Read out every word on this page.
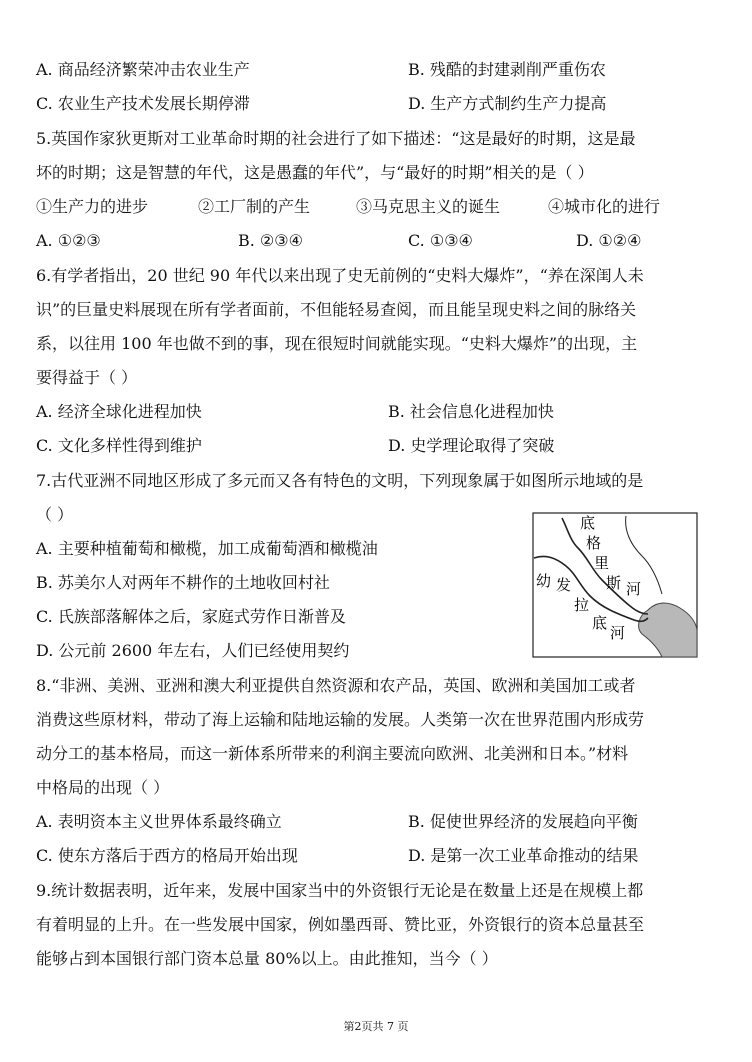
A. 商品经济繁荣冲击农业生产	B. 残酷的封建剥削严重伤农
C. 农业生产技术发展长期停滞	D. 生产方式制约生产力提高
5.英国作家狄更斯对工业革命时期的社会进行了如下描述：“这是最好的时期，这是最
坏的时期；这是智慧的年代，这是愚蠢的年代”，与“最好的时期”相关的是（ ）
①生产力的进步	②工厂制的产生	③马克思主义的诞生	④城市化的进行
A. ①②③	B. ②③④	C. ①③④	D. ①②④
6.有学者指出，20 世纪 90 年代以来出现了史无前例的“史料大爆炸”，“养在深闺人未
识”的巨量史料展现在所有学者面前，不但能轻易查阅，而且能呈现史料之间的脉络关
系，以往用 100 年也做不到的事，现在很短时间就能实现。“史料大爆炸”的出现，主
要得益于（ ）
A. 经济全球化进程加快	B. 社会信息化进程加快
C. 文化多样性得到维护	D. 史学理论取得了突破
7.古代亚洲不同地区形成了多元而又各有特色的文明，下列现象属于如图所示地域的是
（ ）
A. 主要种植葡萄和橄榄，加工成葡萄酒和橄榄油
B. 苏美尔人对两年不耕作的土地收回村社
C. 氏族部落解体之后，家庭式劳作日渐普及
D. 公元前 2600 年左右，人们已经使用契约
底
格
里
斯 河
幼 发
拉
底
河
8.“非洲、美洲、亚洲和澳大利亚提供自然资源和农产品，英国、欧洲和美国加工或者
消费这些原材料，带动了海上运输和陆地运输的发展。人类第一次在世界范围内形成劳
动分工的基本格局，而这一新体系所带来的利润主要流向欧洲、北美洲和日本。”材料
中格局的出现（ ）
A. 表明资本主义世界体系最终确立	B. 促使世界经济的发展趋向平衡
C. 使东方落后于西方的格局开始出现	D. 是第一次工业革命推动的结果
9.统计数据表明，近年来，发展中国家当中的外资银行无论是在数量上还是在规模上都
有着明显的上升。在一些发展中国家，例如墨西哥、赞比亚，外资银行的资本总量甚至
能够占到本国银行部门资本总量 80%以上。由此推知，当今（ ）
第2页共 7 页
